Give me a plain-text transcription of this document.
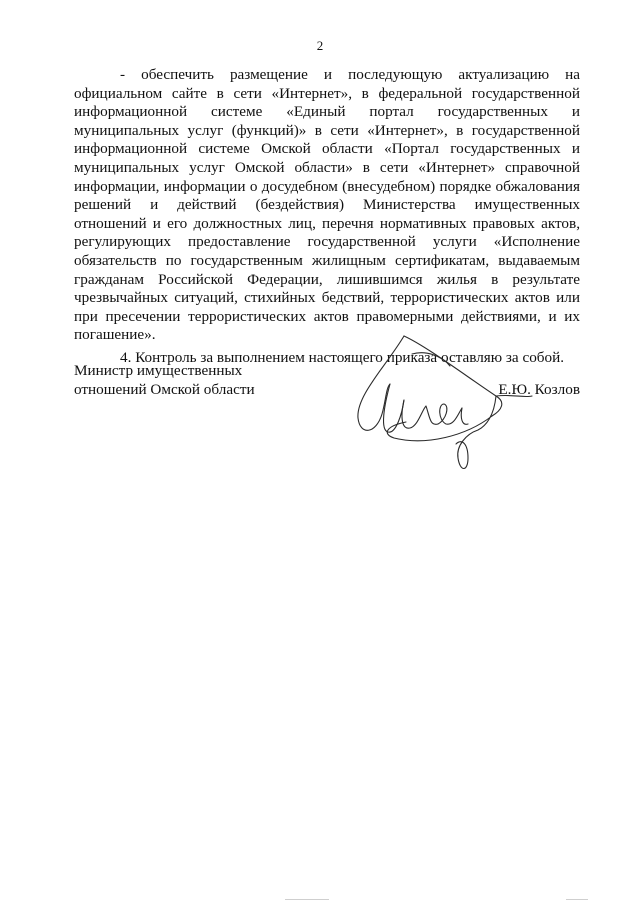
2

- обеспечить размещение и последующую актуализацию на официальном сайте в сети «Интернет», в федеральной государственной информационной системе «Единый портал государственных и муниципальных услуг (функций)» в сети «Интернет», в государственной информационной системе Омской области «Портал государственных и муниципальных услуг Омской области» в сети «Интернет» справочной информации, информации о досудебном (внесудебном) порядке обжалования решений и действий (бездействия) Министерства имущественных отношений и его должностных лиц, перечня нормативных правовых актов, регулирующих предоставление государственной услуги «Исполнение обязательств по государственным жилищным сертификатам, выдаваемым гражданам Российской Федерации, лишившимся жилья в результате чрезвычайных ситуаций, стихийных бедствий, террористических актов или при пресечении террористических актов правомерными действиями, и их погашение».

4. Контроль за выполнением настоящего приказа оставляю за собой.

Министр имущественных
отношений Омской области	Е.Ю. Козлов
